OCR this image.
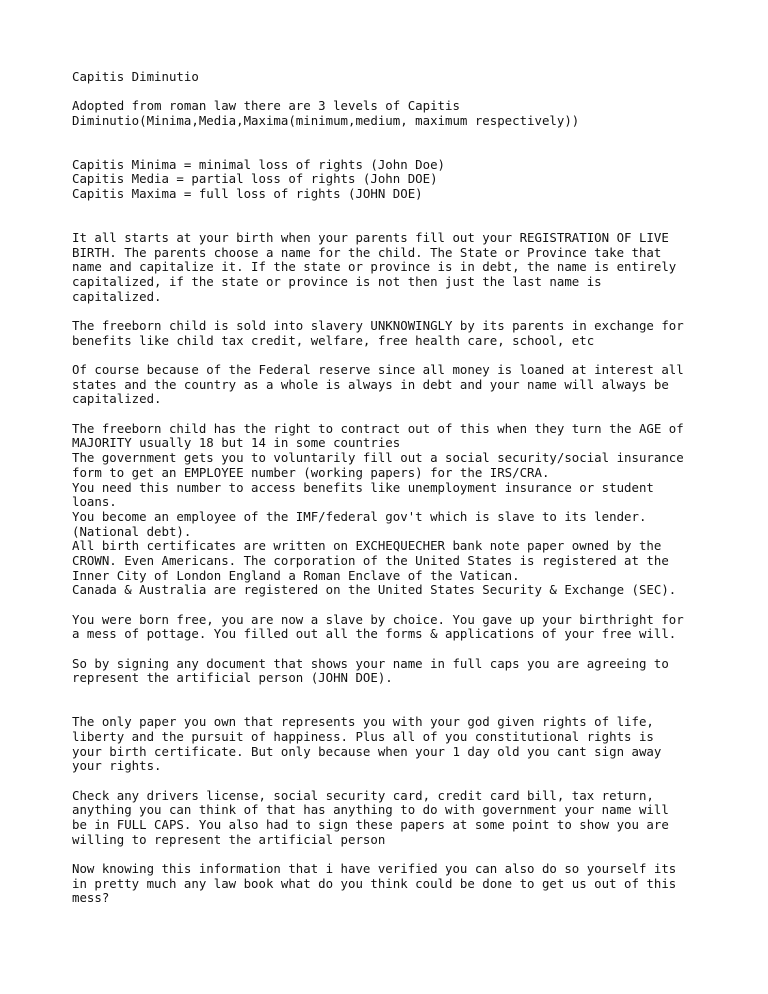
Capitis Diminutio
Adopted from roman law there are 3 levels of Capitis
Diminutio(Minima,Media,Maxima(minimum,medium, maximum respectively))
Capitis Minima = minimal loss of rights (John Doe)
Capitis Media = partial loss of rights (John DOE)
Capitis Maxima = full loss of rights (JOHN DOE)
It all starts at your birth when your parents fill out your REGISTRATION OF LIVE
BIRTH. The parents choose a name for the child. The State or Province take that
name and capitalize it. If the state or province is in debt, the name is entirely
capitalized, if the state or province is not then just the last name is
capitalized.
The freeborn child is sold into slavery UNKNOWINGLY by its parents in exchange for
benefits like child tax credit, welfare, free health care, school, etc
Of course because of the Federal reserve since all money is loaned at interest all
states and the country as a whole is always in debt and your name will always be
capitalized.
The freeborn child has the right to contract out of this when they turn the AGE of
MAJORITY usually 18 but 14 in some countries
The government gets you to voluntarily fill out a social security/social insurance
form to get an EMPLOYEE number (working papers) for the IRS/CRA.
You need this number to access benefits like unemployment insurance or student
loans.
You become an employee of the IMF/federal gov't which is slave to its lender.
(National debt).
All birth certificates are written on EXCHEQUECHER bank note paper owned by the
CROWN. Even Americans. The corporation of the United States is registered at the
Inner City of London England a Roman Enclave of the Vatican.
Canada & Australia are registered on the United States Security & Exchange (SEC).
You were born free, you are now a slave by choice. You gave up your birthright for
a mess of pottage. You filled out all the forms & applications of your free will.
So by signing any document that shows your name in full caps you are agreeing to
represent the artificial person (JOHN DOE).
The only paper you own that represents you with your god given rights of life,
liberty and the pursuit of happiness. Plus all of you constitutional rights is
your birth certificate. But only because when your 1 day old you cant sign away
your rights.
Check any drivers license, social security card, credit card bill, tax return,
anything you can think of that has anything to do with government your name will
be in FULL CAPS. You also had to sign these papers at some point to show you are
willing to represent the artificial person
Now knowing this information that i have verified you can also do so yourself its
in pretty much any law book what do you think could be done to get us out of this
mess?
